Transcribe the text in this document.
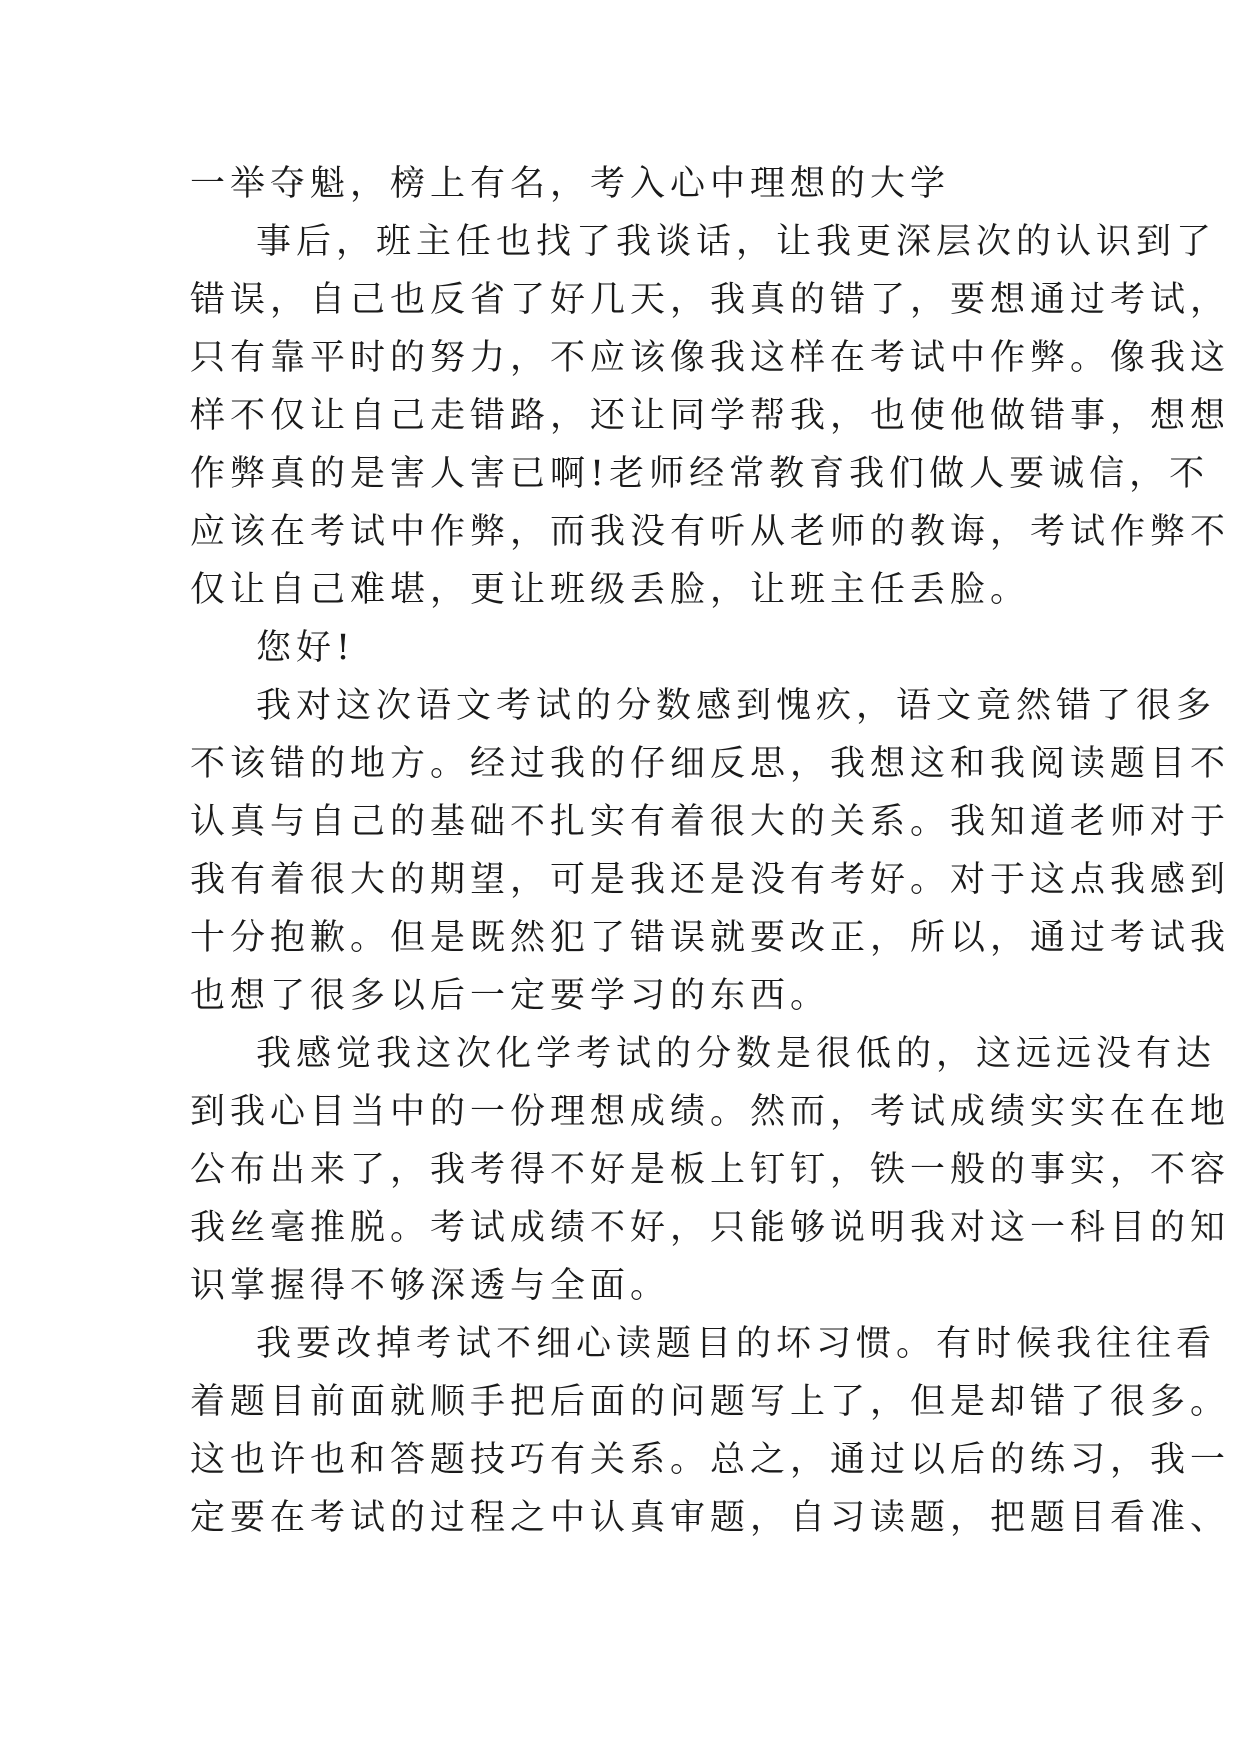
一举夺魁，榜上有名，考入心中理想的大学
事后，班主任也找了我谈话，让我更深层次的认识到了
错误，自己也反省了好几天，我真的错了，要想通过考试，
只有靠平时的努力，不应该像我这样在考试中作弊。像我这
样不仅让自己走错路，还让同学帮我，也使他做错事，想想
作弊真的是害人害已啊!老师经常教育我们做人要诚信，不
应该在考试中作弊，而我没有听从老师的教诲，考试作弊不
仅让自己难堪，更让班级丢脸，让班主任丢脸。
您好!
我对这次语文考试的分数感到愧疚，语文竟然错了很多
不该错的地方。经过我的仔细反思，我想这和我阅读题目不
认真与自己的基础不扎实有着很大的关系。我知道老师对于
我有着很大的期望，可是我还是没有考好。对于这点我感到
十分抱歉。但是既然犯了错误就要改正，所以，通过考试我
也想了很多以后一定要学习的东西。
我感觉我这次化学考试的分数是很低的，这远远没有达
到我心目当中的一份理想成绩。然而，考试成绩实实在在地
公布出来了，我考得不好是板上钉钉，铁一般的事实，不容
我丝毫推脱。考试成绩不好，只能够说明我对这一科目的知
识掌握得不够深透与全面。
我要改掉考试不细心读题目的坏习惯。有时候我往往看
着题目前面就顺手把后面的问题写上了，但是却错了很多。
这也许也和答题技巧有关系。总之，通过以后的练习，我一
定要在考试的过程之中认真审题，自习读题，把题目看准、
